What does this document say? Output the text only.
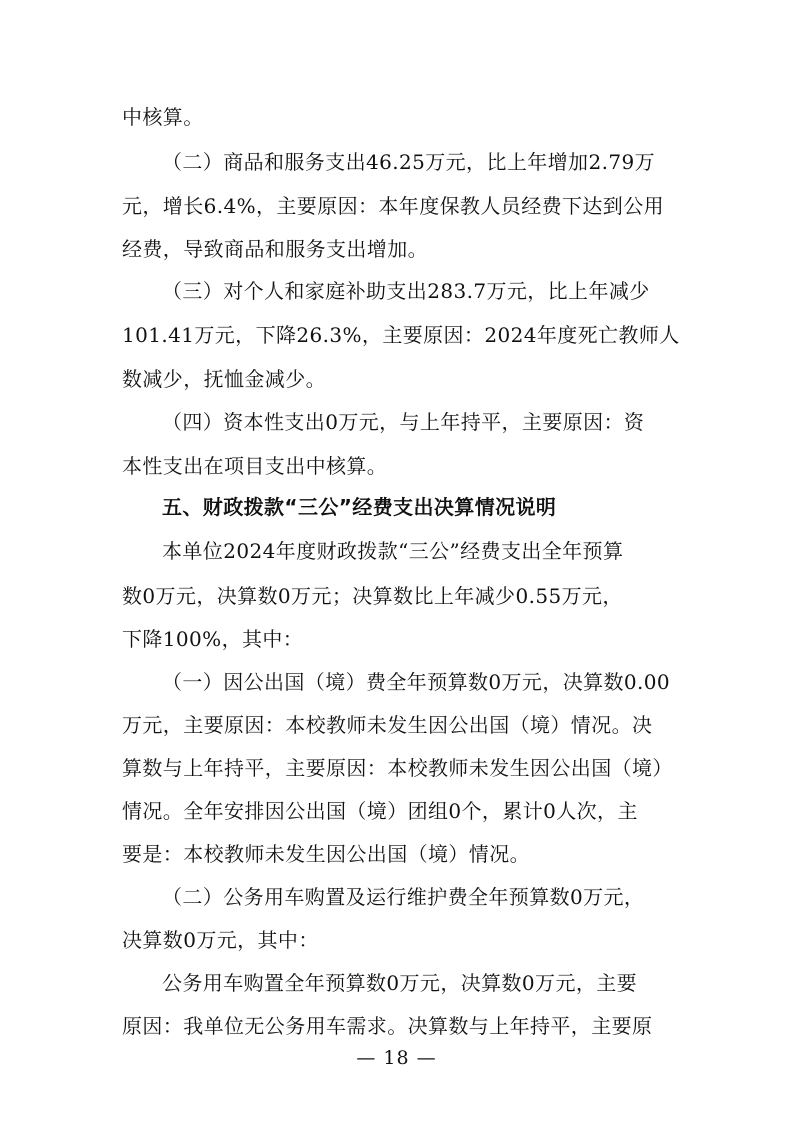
中核算。
（二）商品和服务支出46.25万元，比上年增加2.79万
元，增长6.4%，主要原因：本年度保教人员经费下达到公用
经费，导致商品和服务支出增加。
（三）对个人和家庭补助支出283.7万元，比上年减少
101.41万元，下降26.3%，主要原因：2024年度死亡教师人
数减少，抚恤金减少。
（四）资本性支出0万元，与上年持平，主要原因：资
本性支出在项目支出中核算。
五、财政拨款“三公”经费支出决算情况说明
本单位2024年度财政拨款“三公”经费支出全年预算
数0万元，决算数0万元；决算数比上年减少0.55万元，
下降100%，其中：
（一）因公出国（境）费全年预算数0万元，决算数0.00
万元，主要原因：本校教师未发生因公出国（境）情况。决
算数与上年持平，主要原因：本校教师未发生因公出国（境）
情况。全年安排因公出国（境）团组0个，累计0人次，主
要是：本校教师未发生因公出国（境）情况。
（二）公务用车购置及运行维护费全年预算数0万元，
决算数0万元，其中：
公务用车购置全年预算数0万元，决算数0万元，主要
原因：我单位无公务用车需求。决算数与上年持平，主要原
— 18 —
